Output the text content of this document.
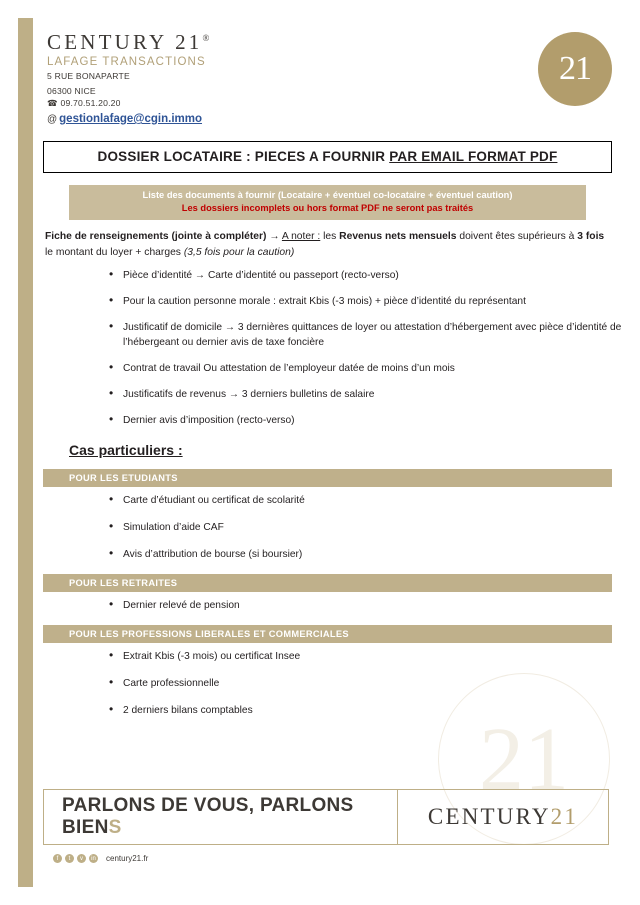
21
CENTURY 21®
LAFAGE TRANSACTIONS
5 RUE BONAPARTE
06300 NICE
☎ 09.70.51.20.20
@ gestionlafage@cgin.immo
21
DOSSIER LOCATAIRE : PIECES A FOURNIR PAR EMAIL FORMAT PDF
Liste des documents à fournir (Locataire + éventuel co-locataire + éventuel caution)
Les dossiers incomplets ou hors format PDF ne seront pas traités
Fiche de renseignements (jointe à compléter) → A noter : les Revenus nets mensuels doivent êtes supérieurs à 3 fois le montant du loyer + charges (3,5 fois pour la caution)
• Pièce d’identité → Carte d’identité ou passeport (recto-verso)
• Pour la caution personne morale : extrait Kbis (-3 mois) + pièce d’identité du représentant
• Justificatif de domicile → 3 dernières quittances de loyer ou attestation d’hébergement avec pièce d’identité de l’hébergeant ou dernier avis de taxe foncière
• Contrat de travail Ou attestation de l’employeur datée de moins d’un mois
• Justificatifs de revenus → 3 derniers bulletins de salaire
• Dernier avis d’imposition (recto-verso)
Cas particuliers :
POUR LES ETUDIANTS
• Carte d’étudiant ou certificat de scolarité
• Simulation d’aide CAF
• Avis d’attribution de bourse (si boursier)
POUR LES RETRAITES
• Dernier relevé de pension
POUR LES PROFESSIONS LIBERALES ET COMMERCIALES
• Extrait Kbis (-3 mois) ou certificat Insee
• Carte professionnelle
• 2 derniers bilans comptables
PARLONS DE VOUS, PARLONS BIENS	CENTURY 21
f	t	v	in century21.fr
